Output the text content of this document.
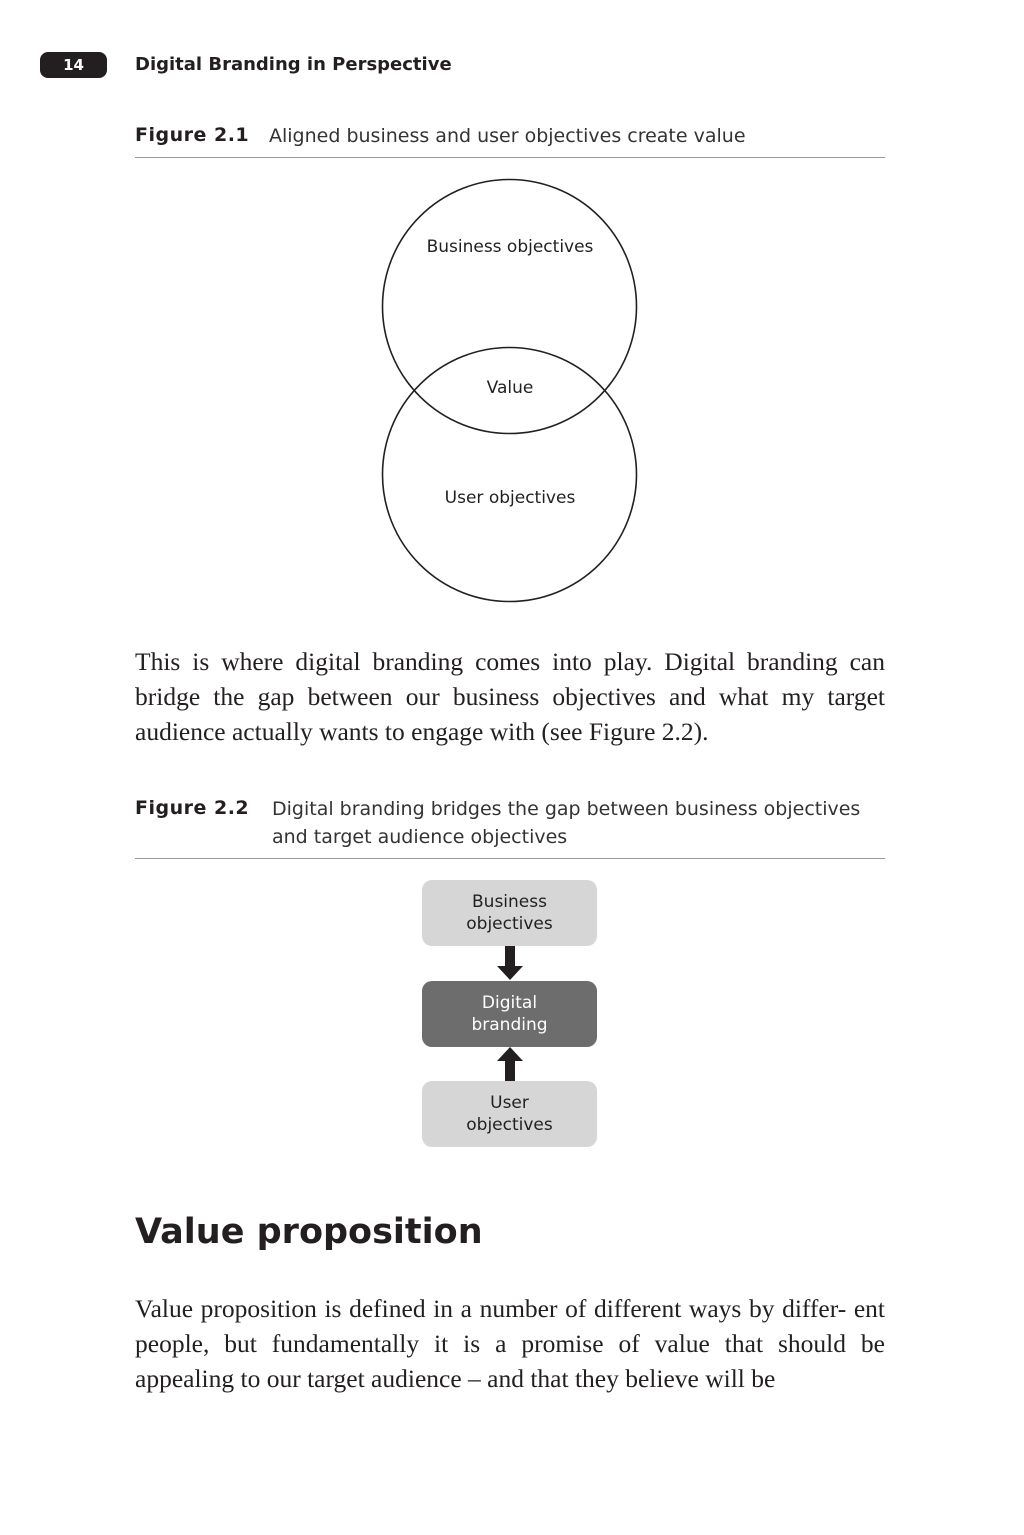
14	Digital Branding in Perspective
Figure 2.1 Aligned business and user objectives create value
Business objectives
Value
User objectives
This is where digital branding comes into play. Digital branding can bridge the gap between our business objectives and what my target audience actually wants to engage with (see Figure 2.2).
Figure 2.2 Digital branding bridges the gap between business objectives and target audience objectives
Business objectives
Digital branding
User objectives
Value proposition
Value proposition is defined in a number of different ways by differ- ent people, but fundamentally it is a promise of value that should be appealing to our target audience – and that they believe will be
